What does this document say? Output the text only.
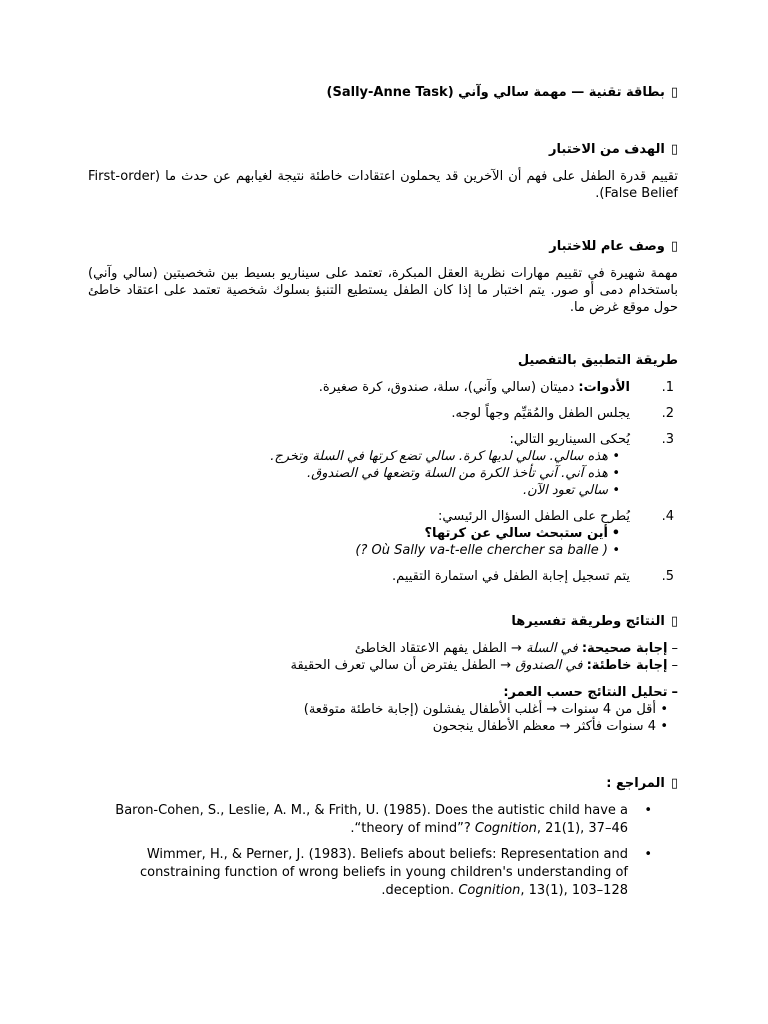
▯بطاقة تقنية — مهمة سالي وآني (Sally-Anne Task)

▯الهدف من الاختبار

تقييم قدرة الطفل على فهم أن الآخرين قد يحملون اعتقادات خاطئة نتيجة لغيابهم عن حدث ما (First-order False Belief).

▯وصف عام للاختبار

مهمة شهيرة في تقييم مهارات نظرية العقل المبكرة، تعتمد على سيناريو بسيط بين شخصيتين (سالي وآني) باستخدام دمى أو صور. يتم اختبار ما إذا كان الطفل يستطيع التنبؤ بسلوك شخصية تعتمد على اعتقاد خاطئ حول موقع غرض ما.

طريقة التطبيق بالتفصيل

1.
الأدوات: دميتان (سالي وآني)، سلة، صندوق، كرة صغيرة.
2.
يجلس الطفل والمُقيِّم وجهاً لوجه.
3.
يُحكى السيناريو التالي:
• هذه سالي. سالي لديها كرة. سالي تضع كرتها في السلة وتخرج.
• هذه آني. آني تأخذ الكرة من السلة وتضعها في الصندوق.
• سالي تعود الآن.
4.
يُطرح على الطفل السؤال الرئيسي:
• أين ستبحث سالي عن كرتها؟
• ( Où Sally va-t-elle chercher sa balle ?)
5.
يتم تسجيل إجابة الطفل في استمارة التقييم.

▯النتائج وطريقة تفسيرها

–إجابة صحيحة: في السلة → الطفل يفهم الاعتقاد الخاطئ

–إجابة خاطئة: في الصندوق → الطفل يفترض أن سالي تعرف الحقيقة

–تحليل النتائج حسب العمر:

• أقل من 4 سنوات → أغلب الأطفال يفشلون (إجابة خاطئة متوقعة)
• 4 سنوات فأكثر → معظم الأطفال ينجحون

▯المراجع :

• Baron-Cohen, S., Leslie, A. M., & Frith, U. (1985). Does the autistic child have a “theory of mind”? Cognition, 21(1), 37–46.
• Wimmer, H., & Perner, J. (1983). Beliefs about beliefs: Representation and constraining function of wrong beliefs in young children's understanding of deception. Cognition, 13(1), 103–128.
